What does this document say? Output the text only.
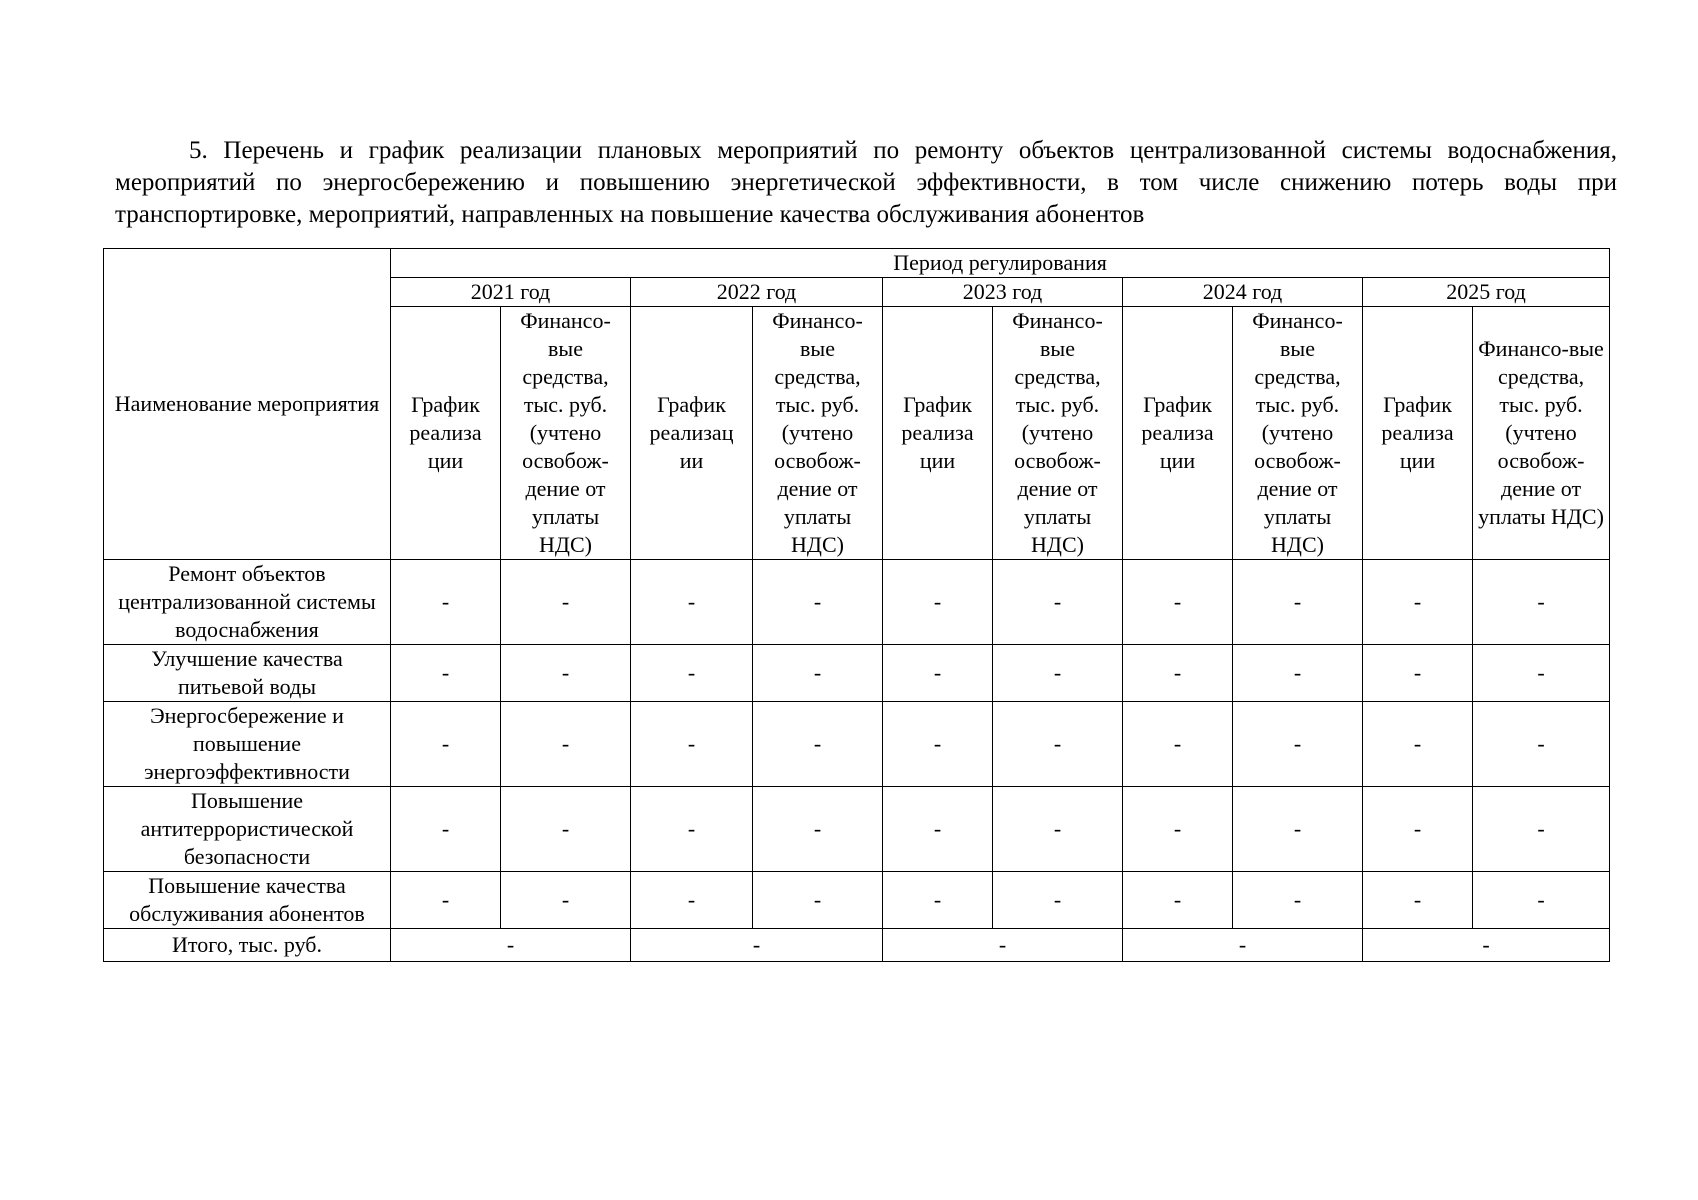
5. Перечень и график реализации плановых мероприятий по ремонту объектов централизованной системы водоснабжения, мероприятий по энергосбережению и повышению энергетической эффективности, в том числе снижению потерь воды при транспортировке, мероприятий, направленных на повышение качества обслуживания абонентов

Наименование мероприятия	Период регулирования									
	2021 год		2022 год		2023 год		2024 год		2025 год	
	График реализа ции	Финансо-вые средства, тыс. руб. (учтено освобож-дение от уплаты НДС)	График реализац ии	Финансо-вые средства, тыс. руб. (учтено освобож-дение от уплаты НДС)	График реализа ции	Финансо-вые средства, тыс. руб. (учтено освобож-дение от уплаты НДС)	График реализа ции	Финансо-вые средства, тыс. руб. (учтено освобож-дение от уплаты НДС)	График реализа ции	Финансо-вые средства, тыс. руб. (учтено освобож-дение от уплаты НДС)
Ремонт объектов централизованной системы водоснабжения	-	-	-	-	-	-	-	-	-	-
Улучшение качества питьевой воды	-	-	-	-	-	-	-	-	-	-
Энергосбережение и повышение энергоэффективности	-	-	-	-	-	-	-	-	-	-
Повышение антитеррористической безопасности	-	-	-	-	-	-	-	-	-	-
Повышение качества обслуживания абонентов	-	-	-	-	-	-	-	-	-	-
Итого, тыс. руб.	-		-		-		-		-	
